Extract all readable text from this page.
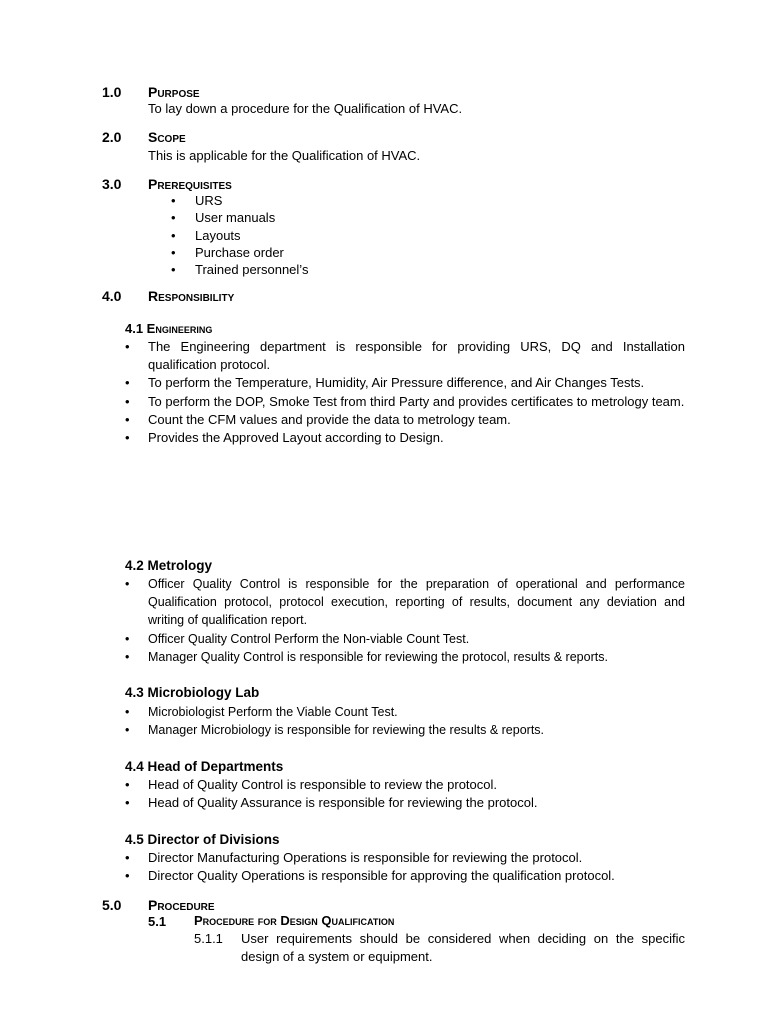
1.0 Purpose
To lay down a procedure for the Qualification of HVAC.
2.0 Scope
This is applicable for the Qualification of HVAC.
3.0 Prerequisites
• URS
• User manuals
• Layouts
• Purchase order
• Trained personnel’s
4.0 Responsibility
4.1 Engineering
• The Engineering department is responsible for providing URS, DQ and Installation qualification protocol.
• To perform the Temperature, Humidity, Air Pressure difference, and Air Changes Tests.
• To perform the DOP, Smoke Test from third Party and provides certificates to metrology team.
• Count the CFM values and provide the data to metrology team.
• Provides the Approved Layout according to Design.
4.2 Metrology
• Officer Quality Control is responsible for the preparation of operational and performance Qualification protocol, protocol execution, reporting of results, document any deviation and writing of qualification report.
• Officer Quality Control Perform the Non-viable Count Test.
• Manager Quality Control is responsible for reviewing the protocol, results & reports.
4.3 Microbiology Lab
• Microbiologist Perform the Viable Count Test.
• Manager Microbiology is responsible for reviewing the results & reports.
4.4 Head of Departments
• Head of Quality Control is responsible to review the protocol.
• Head of Quality Assurance is responsible for reviewing the protocol.
4.5 Director of Divisions
• Director Manufacturing Operations is responsible for reviewing the protocol.
• Director Quality Operations is responsible for approving the qualification protocol.
5.0 Procedure
5.1 Procedure for Design Qualification
5.1.1 User requirements should be considered when deciding on the specific design of a system or equipment.
